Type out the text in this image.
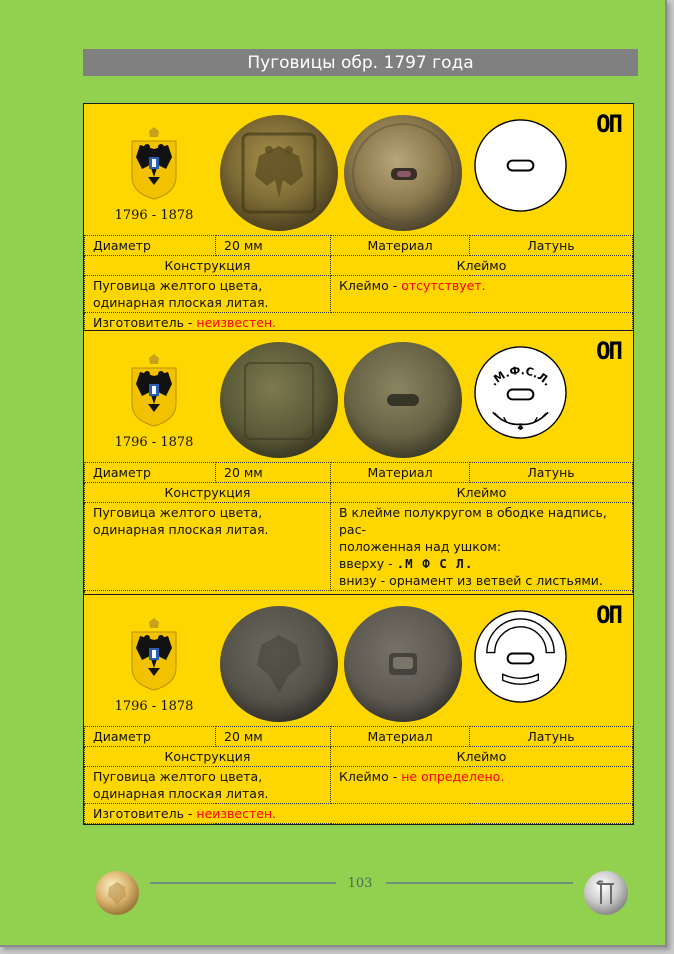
Пуговицы обр. 1797 года
1796 - 1878
ОП
Диаметр	20 мм	Материал	Латунь
Конструкция		Клеймо	
Пуговица желтого цвета, одинарная плоская литая.		Клеймо - отсутствует.	
Изготовитель - неизвестен.			
1796 - 1878
.М.Ф.С.Л.
ОП
Диаметр	20 мм	Материал	Латунь
Конструкция		Клеймо	
Пуговица желтого цвета, одинарная плоская литая.		В клейме полукругом в ободке надпись, рас-
положенная над ушком:
вверху - .М Ф С Л.
внизу - орнамент из ветвей с листьями.	

1796 - 1878
ОП
Диаметр	20 мм	Материал	Латунь
Конструкция		Клеймо	
Пуговица желтого цвета, одинарная плоская литая.		Клеймо - не определено.	
Изготовитель - неизвестен.			
103
